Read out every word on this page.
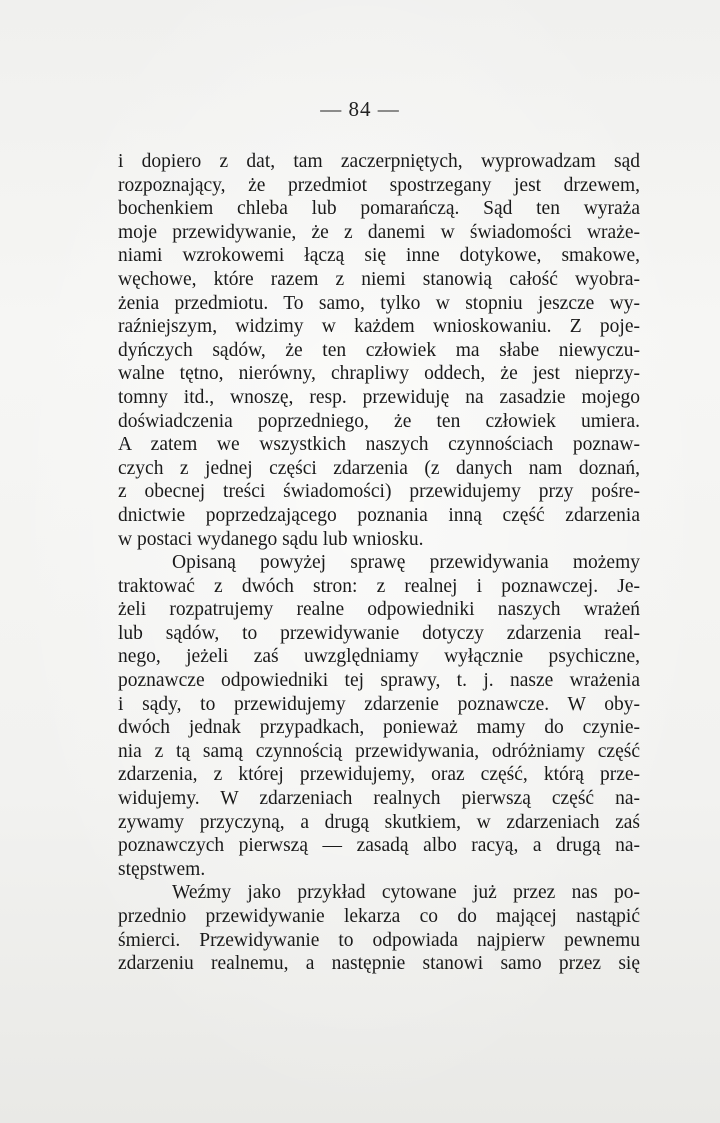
— 84 —
i dopiero z dat, tam zaczerpniętych, wyprowadzam sąd
rozpoznający, że przedmiot spostrzegany jest drzewem,
bochenkiem chleba lub pomarańczą. Sąd ten wyraża
moje przewidywanie, że z danemi w świadomości wraże-
niami wzrokowemi łączą się inne dotykowe, smakowe,
węchowe, które razem z niemi stanowią całość wyobra-
żenia przedmiotu. To samo, tylko w stopniu jeszcze wy-
raźniejszym, widzimy w każdem wnioskowaniu. Z poje-
dyńczych sądów, że ten człowiek ma słabe niewyczu-
walne tętno, nierówny, chrapliwy oddech, że jest nieprzy-
tomny itd., wnoszę, resp. przewiduję na zasadzie mojego
doświadczenia poprzedniego, że ten człowiek umiera.
A zatem we wszystkich naszych czynnościach poznaw-
czych z jednej części zdarzenia (z danych nam doznań,
z obecnej treści świadomości) przewidujemy przy pośre-
dnictwie poprzedzającego poznania inną część zdarzenia
w postaci wydanego sądu lub wniosku.
Opisaną powyżej sprawę przewidywania możemy
traktować z dwóch stron: z realnej i poznawczej. Je-
żeli rozpatrujemy realne odpowiedniki naszych wrażeń
lub sądów, to przewidywanie dotyczy zdarzenia real-
nego, jeżeli zaś uwzględniamy wyłącznie psychiczne,
poznawcze odpowiedniki tej sprawy, t. j. nasze wrażenia
i sądy, to przewidujemy zdarzenie poznawcze. W oby-
dwóch jednak przypadkach, ponieważ mamy do czynie-
nia z tą samą czynnością przewidywania, odróżniamy część
zdarzenia, z której przewidujemy, oraz część, którą prze-
widujemy. W zdarzeniach realnych pierwszą część na-
zywamy przyczyną, a drugą skutkiem, w zdarzeniach zaś
poznawczych pierwszą — zasadą albo racyą, a drugą na-
stępstwem.
Weźmy jako przykład cytowane już przez nas po-
przednio przewidywanie lekarza co do mającej nastąpić
śmierci. Przewidywanie to odpowiada najpierw pewnemu
zdarzeniu realnemu, a następnie stanowi samo przez się
